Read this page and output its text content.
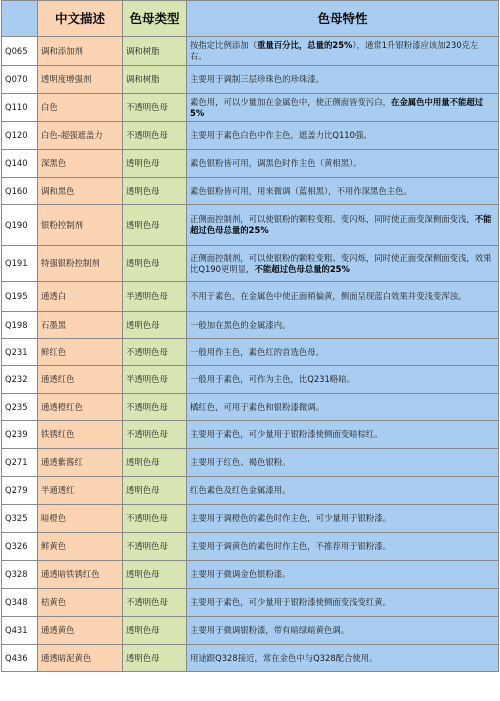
	中文描述	色母类型	色母特性
Q065	调和添加剂	调和树脂	按指定比例添加（重量百分比，总量的25%），通常1升银粉漆应该加230克左右。
Q070	透明度增强剂	调和树脂	主要用于调制三层珍珠色的珍珠漆。
Q110	白色	不透明色母	素色用，可以少量加在金属色中，使正侧面皆变污白，在金属色中用量不能超过5%
Q120	白色-超强遮盖力	不透明色母	主要用于素色白色中作主色，遮盖力比Q110强。
Q140	深黑色	透明色母	素色银粉皆可用，调黑色时作主色（黄相黑）。
Q160	调和黑色	透明色母	素色银粉皆可用，用来微调（蓝相黑），不用作深黑色主色。
Q190	银粉控制剂	透明色母	正侧面控制剂，可以使银粉的颗粒变粗、变闪烁，同时使正面变深侧面变浅，不能超过色母总量的25%
Q191	特强银粉控制剂	透明色母	正侧面控制剂，可以使银粉的颗粒变粗、变闪烁，同时使正面变深侧面变浅，效果比Q190更明显，不能超过色母总量的25%
Q195	通透白	半透明色母	不用于素色，在金属色中使正面稍偏黄，侧面呈现蓝白效果并变浅变浑浊。
Q198	石墨黑	透明色母	一般加在黑色的金属漆内。
Q231	鲜红色	不透明色母	一般用作主色，素色红的首选色母。
Q232	通透红色	半透明色母	一般用于素色，可作为主色，比Q231略暗。
Q235	通透橙红色	不透明色母	橘红色，可用于素色和银粉漆微调。
Q239	铁锈红色	不透明色母	主要用于素色，可少量用于银粉漆使侧面变暗棕红。
Q271	通透紫酱红	透明色母	主要用于红色、褐色银粉。
Q279	半通透红	透明色母	红色素色及红色金属漆用。
Q325	暗橙色	不透明色母	主要用于调橙色的素色时作主色，可少量用于银粉漆。
Q326	鲜黄色	不透明色母	主要用于调黄色的素色时作主色，不推荐用于银粉漆。
Q328	通透暗铁锈红色	透明色母	主要用于微调金色银粉漆。
Q348	桔黄色	不透明色母	主要用于素色，可少量用于银粉漆使侧面变浅变红黄。
Q431	通透黄色	透明色母	主要用于微调银粉漆，带有暗绿暗黄色调。
Q436	通透暗泥黄色	透明色母	用途跟Q328接近，常在金色中与Q328配合使用。
